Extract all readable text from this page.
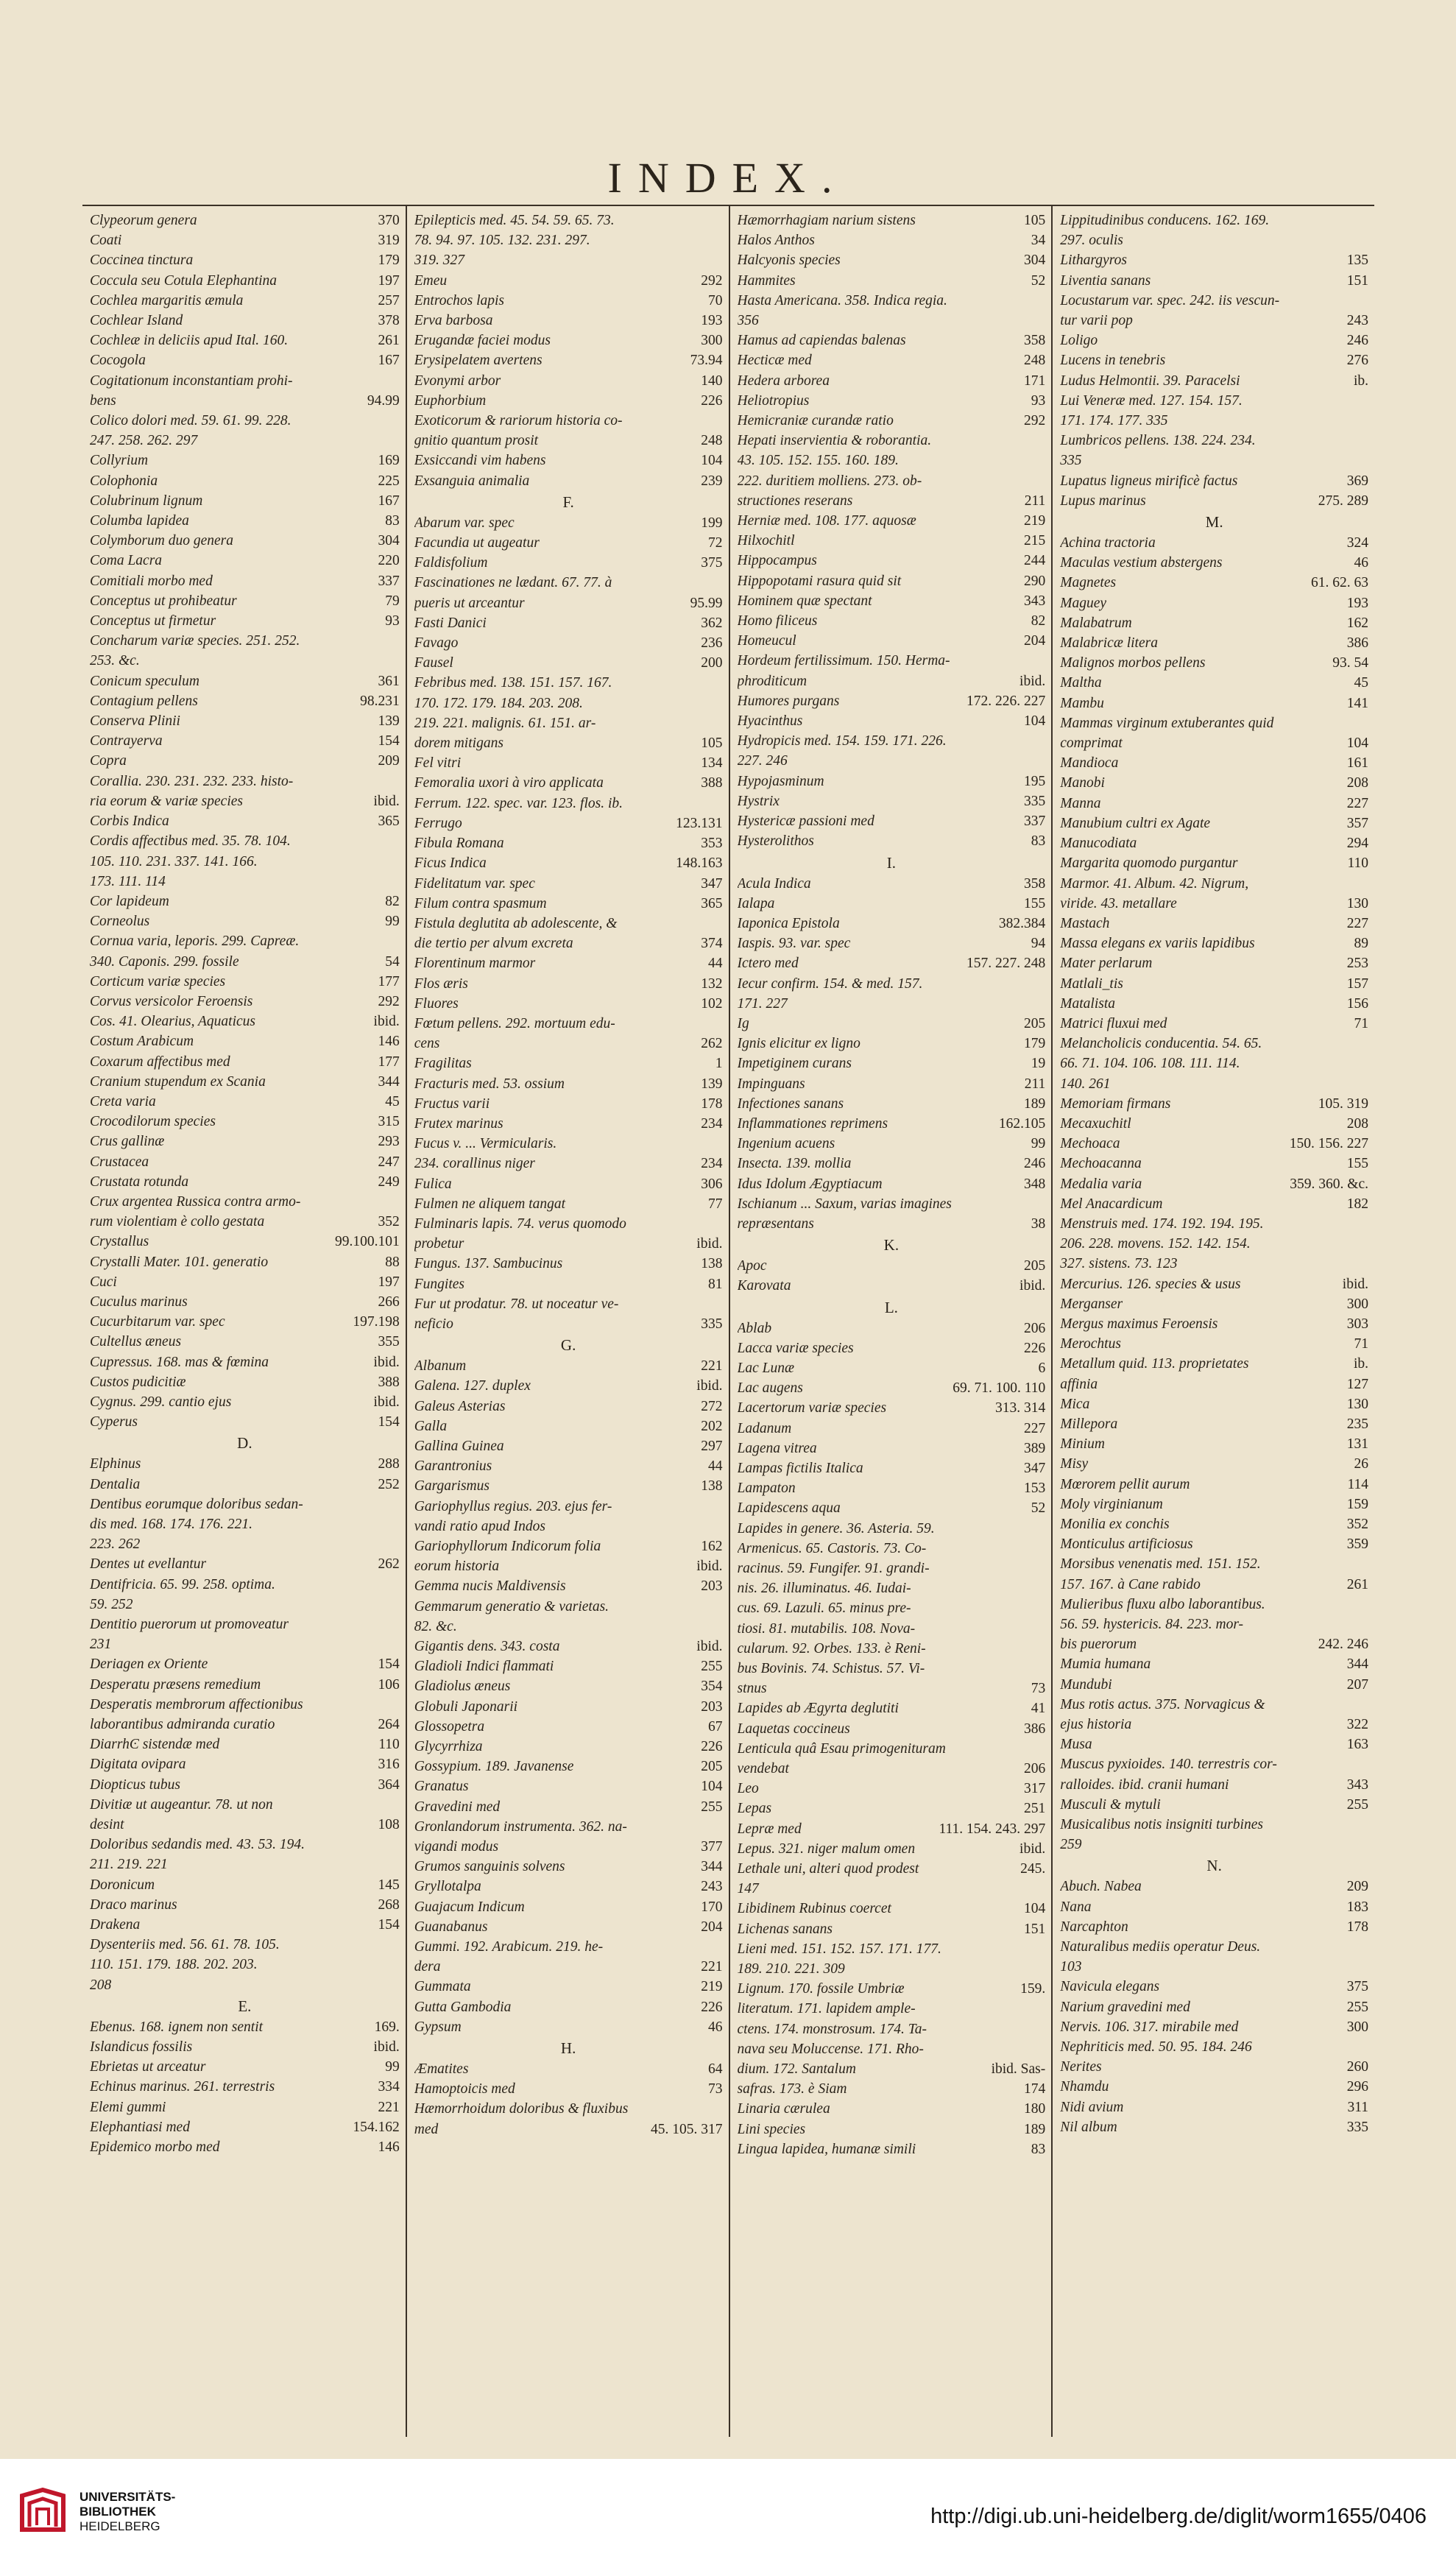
INDEX.
Clypeorum genera	370
Coati	319
Coccinea tinctura	179
Coccula seu Cotula Elephantina	197
Cochlea margaritis æmula	257
Cochlear Island	378
Cochleæ in deliciis apud Ital. 160.	261
Cocogola	167
Cogitationum inconstantiam prohi-
bens	94.99
Colico dolori med. 59. 61. 99. 228.
247. 258. 262. 297
Collyrium	169
Colophonia	225
Colubrinum lignum	167
Columba lapidea	83
Colymborum duo genera	304
Coma Lacra	220
Comitiali morbo med	337
Conceptus ut prohibeatur	79
Conceptus ut firmetur	93
Concharum variæ species. 251. 252.
253. &c.
Conicum speculum	361
Contagium pellens	98.231
Conserva Plinii	139
Contrayerva	154
Copra	209
Corallia. 230. 231. 232. 233. histo-
ria eorum & variæ species	ibid.
Corbis Indica	365
Cordis affectibus med. 35. 78. 104.
105. 110. 231. 337. 141. 166.
173. 111. 114
Cor lapideum	82
Corneolus	99
Cornua varia, leporis. 299. Capreæ.
340. Caponis. 299. fossile	54
Corticum variæ species	177
Corvus versicolor Feroensis	292
Cos. 41. Olearius, Aquaticus	ibid.
Costum Arabicum	146
Coxarum affectibus med	177
Cranium stupendum ex Scania	344
Creta varia	45
Crocodilorum species	315
Crus gallinæ	293
Crustacea	247
Crustata rotunda	249
Crux argentea Russica contra armo-
rum violentiam è collo gestata	352
Crystallus	99.100.101
Crystalli Mater. 101. generatio	88
Cuci	197
Cuculus marinus	266
Cucurbitarum var. spec	197.198
Cultellus æneus	355
Cupressus. 168. mas & fœmina	ibid.
Custos pudicitiæ	388
Cygnus. 299. cantio ejus	ibid.
Cyperus	154
D.
Elphinus	288
Dentalia	252
Dentibus eorumque doloribus sedan-
dis med. 168. 174. 176. 221.
223. 262
Dentes ut evellantur	262
Dentifricia. 65. 99. 258. optima.
59. 252
Dentitio puerorum ut promoveatur
231
Deriagen ex Oriente	154
Desperatu præsens remedium	106
Desperatis membrorum affectionibus
laborantibus admiranda curatio	264
DiarrhϾ sistendæ med	110
Digitata ovipara	316
Diopticus tubus	364
Divitiæ ut augeantur. 78. ut non
desint	108
Doloribus sedandis med. 43. 53. 194.
211. 219. 221
Doronicum	145
Draco marinus	268
Drakena	154
Dysenteriis med. 56. 61. 78. 105.
110. 151. 179. 188. 202. 203.
208
E.
Ebenus. 168. ignem non sentit	169.
Islandicus fossilis	ibid.
Ebrietas ut arceatur	99
Echinus marinus. 261. terrestris	334
Elemi gummi	221
Elephantiasi med	154.162
Epidemico morbo med	146
Epilepticis med. 45. 54. 59. 65. 73.
78. 94. 97. 105. 132. 231. 297.
319. 327
Emeu	292
Entrochos lapis	70
Erva barbosa	193
Erugandæ faciei modus	300
Erysipelatem avertens	73.94
Evonymi arbor	140
Euphorbium	226
Exoticorum & rariorum historia co-
gnitio quantum prosit	248
Exsiccandi vim habens	104
Exsanguia animalia	239
F.
Abarum var. spec	199
Facundia ut augeatur	72
Faldisfolium	375
Fascinationes ne lædant. 67. 77. à
pueris ut arceantur	95.99
Fasti Danici	362
Favago	236
Fausel	200
Febribus med. 138. 151. 157. 167.
170. 172. 179. 184. 203. 208.
219. 221. malignis. 61. 151. ar-
dorem mitigans	105
Fel vitri	134
Femoralia uxori à viro applicata	388
Ferrum. 122. spec. var. 123. flos. ib.
Ferrugo	123.131
Fibula Romana	353
Ficus Indica	148.163
Fidelitatum var. spec	347
Filum contra spasmum	365
Fistula deglutita ab adolescente, &
die tertio per alvum excreta	374
Florentinum marmor	44
Flos æris	132
Fluores	102
Fœtum pellens. 292. mortuum edu-
cens	262
Fragilitas	1
Fracturis med. 53. ossium	139
Fructus varii	178
Frutex marinus	234
Fucus v. ... Vermicularis.
234. corallinus niger	234
Fulica	306
Fulmen ne aliquem tangat	77
Fulminaris lapis. 74. verus quomodo
probetur	ibid.
Fungus. 137. Sambucinus	138
Fungites	81
Fur ut prodatur. 78. ut noceatur ve-
neficio	335
G.
Albanum	221
Galena. 127. duplex	ibid.
Galeus Asterias	272
Galla	202
Gallina Guinea	297
Garantronius	44
Gargarismus	138
Gariophyllus regius. 203. ejus fer-
vandi ratio apud Indos
Gariophyllorum Indicorum folia	162
eorum historia	ibid.
Gemma nucis Maldivensis	203
Gemmarum generatio & varietas.
82. &c.
Gigantis dens. 343. costa	ibid.
Gladioli Indici flammati	255
Gladiolus æneus	354
Globuli Japonarii	203
Glossopetra	67
Glycyrrhiza	226
Gossypium. 189. Javanense	205
Granatus	104
Gravedini med	255
Gronlandorum instrumenta. 362. na-
vigandi modus	377
Grumos sanguinis solvens	344
Gryllotalpa	243
Guajacum Indicum	170
Guanabanus	204
Gummi. 192. Arabicum. 219. he-
dera	221
Gummata	219
Gutta Gambodia	226
Gypsum	46
H.
Æmatites	64
Hamoptoicis med	73
Hæmorrhoidum doloribus & fluxibus
med	45. 105. 317
Hæmorrhagiam narium sistens	105
Halos Anthos	34
Halcyonis species	304
Hammites	52
Hasta Americana. 358. Indica regia.
356
Hamus ad capiendas balenas	358
Hecticæ med	248
Hedera arborea	171
Heliotropius	93
Hemicraniæ curandæ ratio	292
Hepati inservientia & roborantia.
43. 105. 152. 155. 160. 189.
222. duritiem molliens. 273. ob-
structiones reserans	211
Herniæ med. 108. 177. aquosæ	219
Hilxochitl	215
Hippocampus	244
Hippopotami rasura quid sit	290
Hominem quæ spectant	343
Homo filiceus	82
Homeucul	204
Hordeum fertilissimum. 150. Herma-
phroditicum	ibid.
Humores purgans	172. 226. 227
Hyacinthus	104
Hydropicis med. 154. 159. 171. 226.
227. 246
Hypojasminum	195
Hystrix	335
Hystericæ passioni med	337
Hysterolithos	83
I.
Acula Indica	358
Ialapa	155
Iaponica Epistola	382.384
Iaspis. 93. var. spec	94
Ictero med	157. 227. 248
Iecur confirm. 154. & med. 157.
171. 227
Ig	205
Ignis elicitur ex ligno	179
Impetiginem curans	19
Impinguans	211
Infectiones sanans	189
Inflammationes reprimens	162.105
Ingenium acuens	99
Insecta. 139. mollia	246
Idus Idolum Ægyptiacum	348
Ischianum ... Saxum, varias imagines
repræsentans	38
K.
Apoc	205
Karovata	ibid.
L.
Ablab	206
Lacca variæ species	226
Lac Lunæ	6
Lac augens	69. 71. 100. 110
Lacertorum variæ species	313. 314
Ladanum	227
Lagena vitrea	389
Lampas fictilis Italica	347
Lampaton	153
Lapidescens aqua	52
Lapides in genere. 36. Asteria. 59.
Armenicus. 65. Castoris. 73. Co-
racinus. 59. Fungifer. 91. grandi-
nis. 26. illuminatus. 46. Iudai-
cus. 69. Lazuli. 65. minus pre-
tiosi. 81. mutabilis. 108. Nova-
cularum. 92. Orbes. 133. è Reni-
bus Bovinis. 74. Schistus. 57. Vi-
stnus	73
Lapides ab Ægyrta deglutiti	41
Laquetas coccineus	386
Lenticula quâ Esau primogenituram
vendebat	206
Leo	317
Lepas	251
Lepræ med	111. 154. 243. 297
Lepus. 321. niger malum omen	ibid.
Lethale uni, alteri quod prodest	245.
147
Libidinem Rubinus coercet	104
Lichenas sanans	151
Lieni med. 151. 152. 157. 171. 177.
189. 210. 221. 309
Lignum. 170. fossile Umbriæ	159.
literatum. 171. lapidem ample-
ctens. 174. monstrosum. 174. Ta-
nava seu Moluccense. 171. Rho-
dium. 172. Santalum	ibid. Sas-
safras. 173. è Siam	174
Linaria cærulea	180
Lini species	189
Lingua lapidea, humanæ simili	83
Lippitudinibus conducens. 162. 169.
297. oculis
Lithargyros	135
Liventia sanans	151
Locustarum var. spec. 242. iis vescun-
tur varii pop	243
Loligo	246
Lucens in tenebris	276
Ludus Helmontii. 39. Paracelsi	ib.
Lui Veneræ med. 127. 154. 157.
171. 174. 177. 335
Lumbricos pellens. 138. 224. 234.
335
Lupatus ligneus mirificè factus	369
Lupus marinus	275. 289
M.
Achina tractoria	324
Maculas vestium abstergens	46
Magnetes	61. 62. 63
Maguey	193
Malabatrum	162
Malabricæ litera	386
Malignos morbos pellens	93. 54
Maltha	45
Mambu	141
Mammas virginum extuberantes quid
comprimat	104
Mandioca	161
Manobi	208
Manna	227
Manubium cultri ex Agate	357
Manucodiata	294
Margarita quomodo purgantur	110
Marmor. 41. Album. 42. Nigrum,
viride. 43. metallare	130
Mastach	227
Massa elegans ex variis lapidibus	89
Mater perlarum	253
Matlali_tis	157
Matalista	156
Matrici fluxui med	71
Melancholicis conducentia. 54. 65.
66. 71. 104. 106. 108. 111. 114.
140. 261
Memoriam firmans	105. 319
Mecaxuchitl	208
Mechoaca	150. 156. 227
Mechoacanna	155
Medalia varia	359. 360. &c.
Mel Anacardicum	182
Menstruis med. 174. 192. 194. 195.
206. 228. movens. 152. 142. 154.
327. sistens. 73. 123
Mercurius. 126. species & usus	ibid.
Merganser	300
Mergus maximus Feroensis	303
Merochtus	71
Metallum quid. 113. proprietates	ib.
affinia	127
Mica	130
Millepora	235
Minium	131
Misy	26
Mœrorem pellit aurum	114
Moly virginianum	159
Monilia ex conchis	352
Monticulus artificiosus	359
Morsibus venenatis med. 151. 152.
157. 167. à Cane rabido	261
Mulieribus fluxu albo laborantibus.
56. 59. hystericis. 84. 223. mor-
bis puerorum	242. 246
Mumia humana	344
Mundubi	207
Mus rotis actus. 375. Norvagicus &
ejus historia	322
Musa	163
Muscus pyxioides. 140. terrestris cor-
ralloides. ibid. cranii humani	343
Musculi & mytuli	255
Musicalibus notis insigniti turbines
259
N.
Abuch. Nabea	209
Nana	183
Narcaphton	178
Naturalibus mediis operatur Deus.
103
Navicula elegans	375
Narium gravedini med	255
Nervis. 106. 317. mirabile med	300
Nephriticis med. 50. 95. 184. 246
Nerites	260
Nhamdu	296
Nidi avium	311
Nil album	335
UNIVERSITÄTS-
BIBLIOTHEK
HEIDELBERG	http://digi.ub.uni-heidelberg.de/diglit/worm1655/0406
